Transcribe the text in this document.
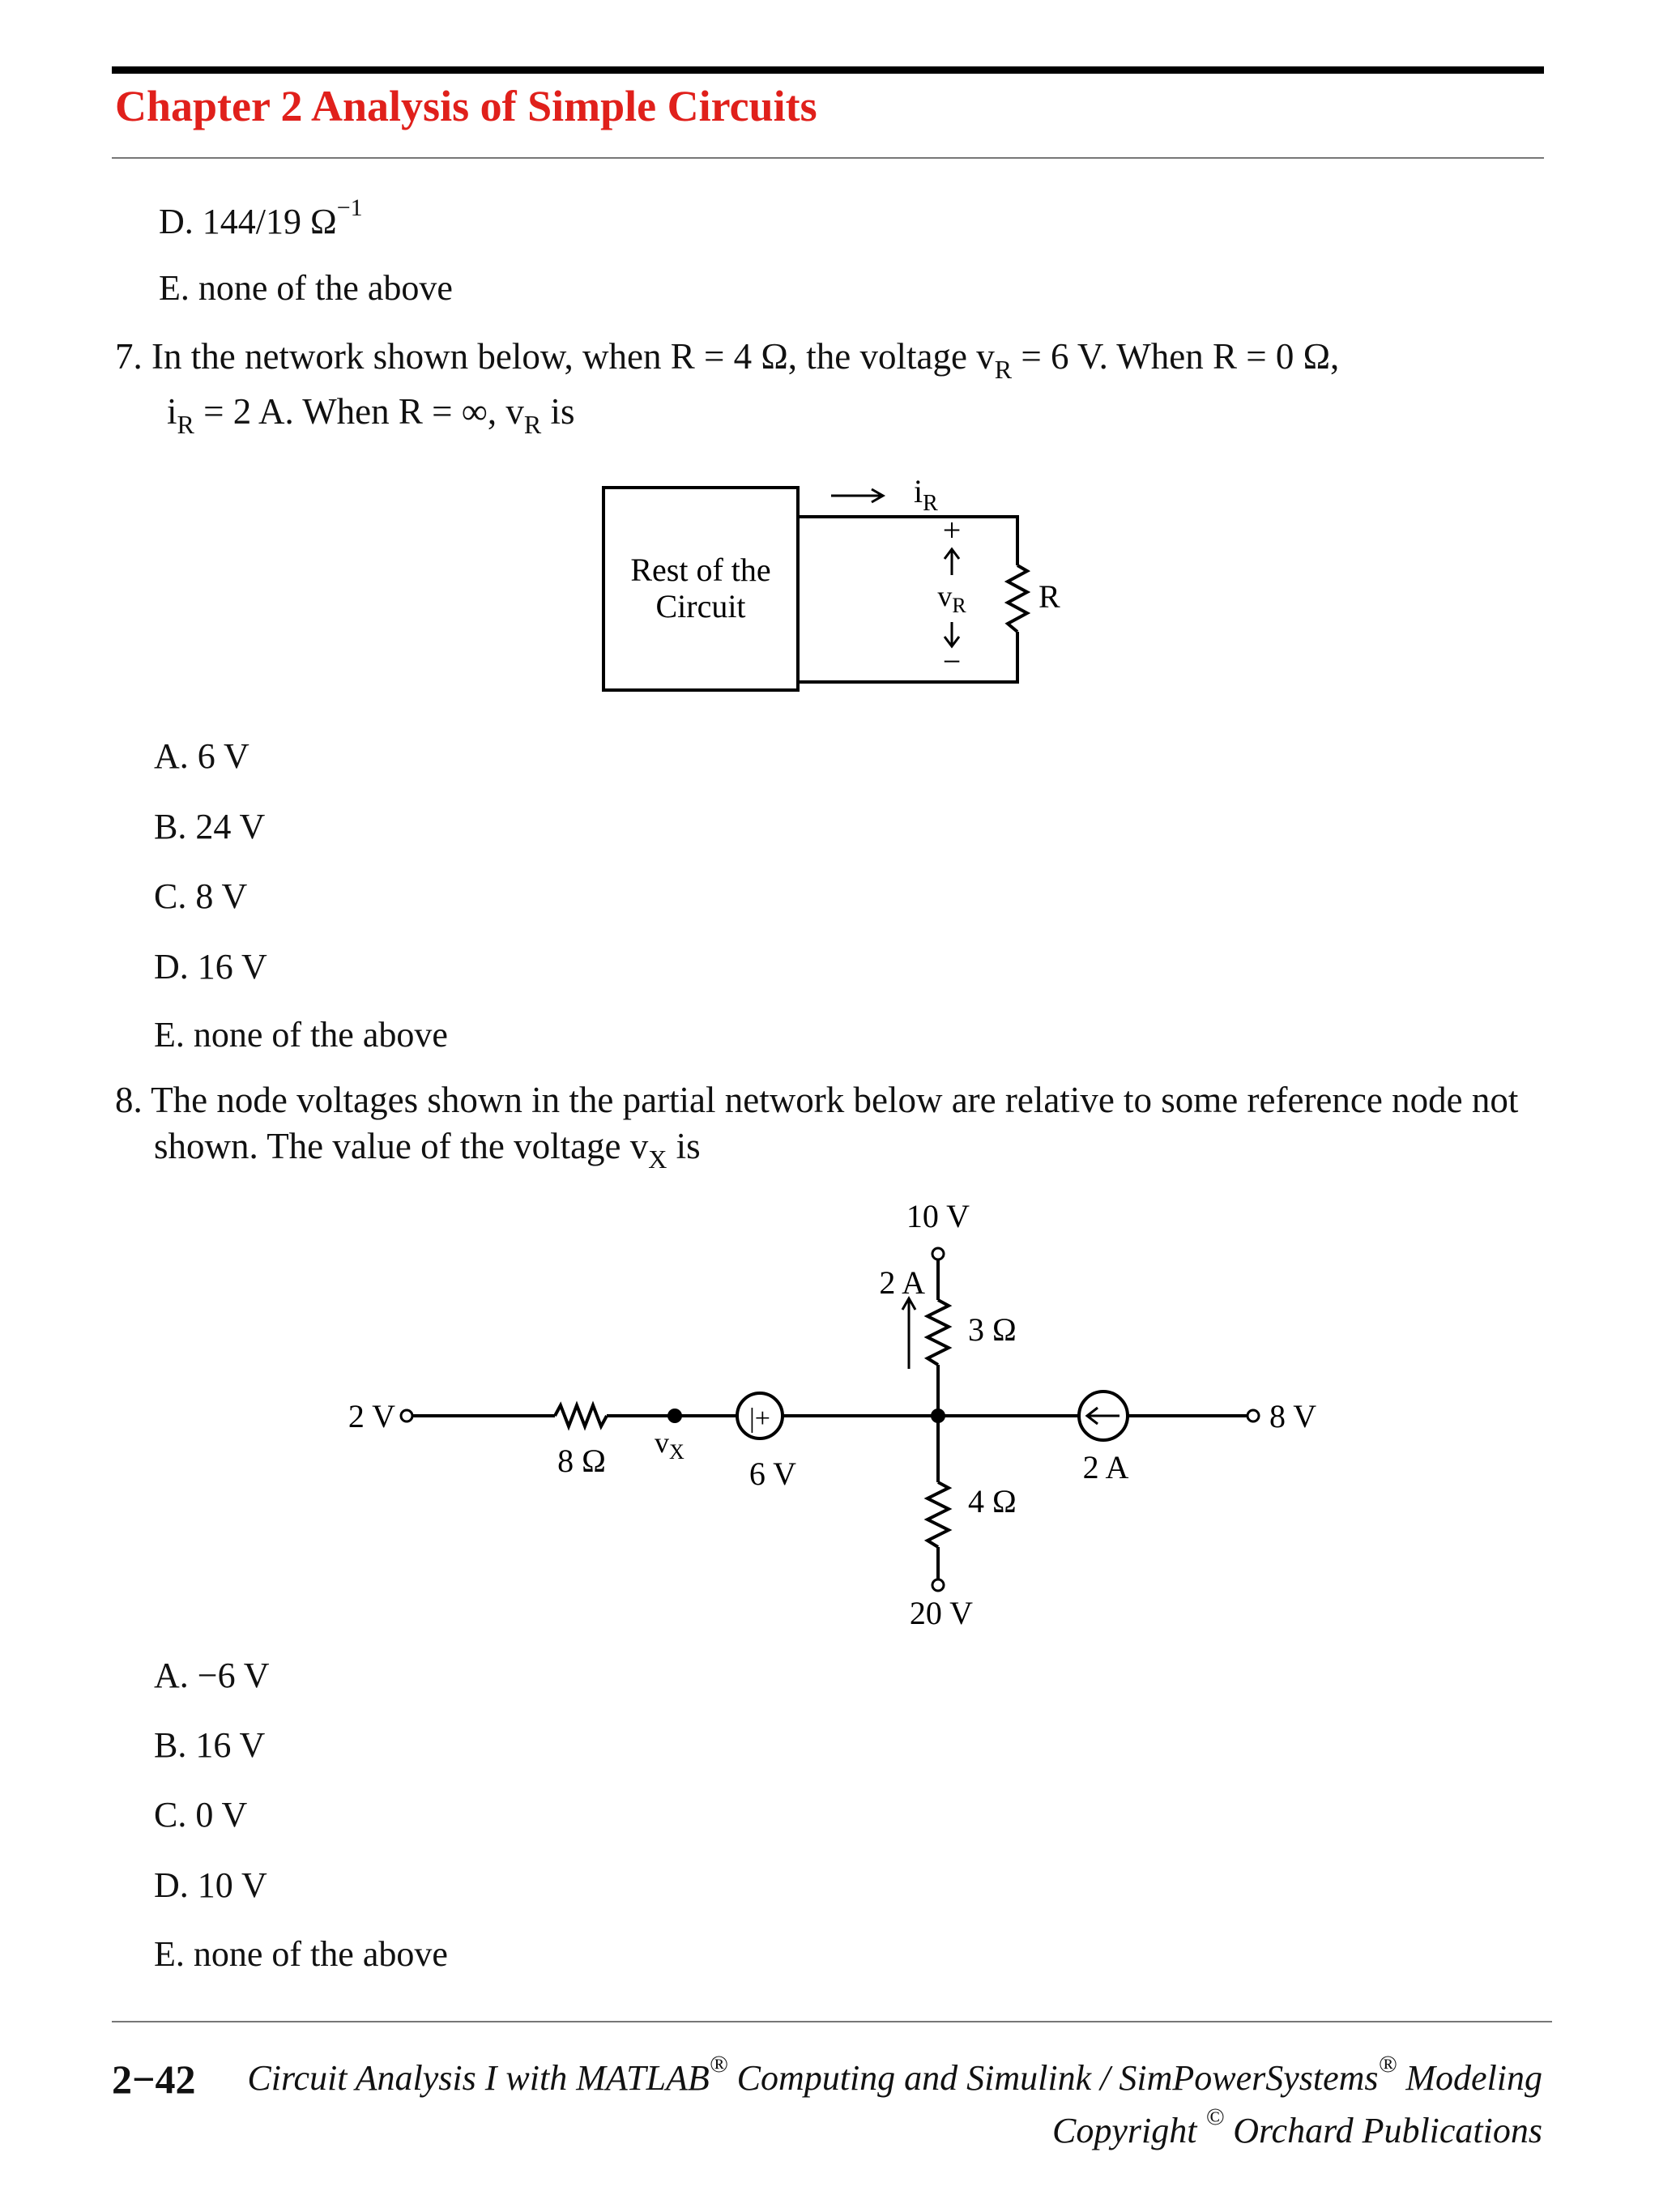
Chapter 2 Analysis of Simple Circuits
D. 144/19 $\Omega^{-1}$
E. none of the above
7. In the network shown below, when R = 4 Ω, the voltage $v_R = 6$ V. When R = 0 Ω,
$i_R = 2$ A. When R = ∞, $v_R$ is
Rest of the
Circuit	R
$i_R$
+
$v_R$
−
A. 6 V
B. 24 V
C. 8 V
D. 16 V
E. none of the above
8. The node voltages shown in the partial network below are relative to some reference node not
shown. The value of the voltage $v_X$ is
|+
10 V
2 A
3 Ω
2 V
8 Ω $v_X$
6 V	2 A
8 V
4 Ω
20 V
A. −6 V
B. 16 V
C. 0 V
D. 10 V
E. none of the above
2−42 Circuit Analysis I with MATLAB® Computing and Simulink / SimPowerSystems® Modeling
Copyright © Orchard Publications
